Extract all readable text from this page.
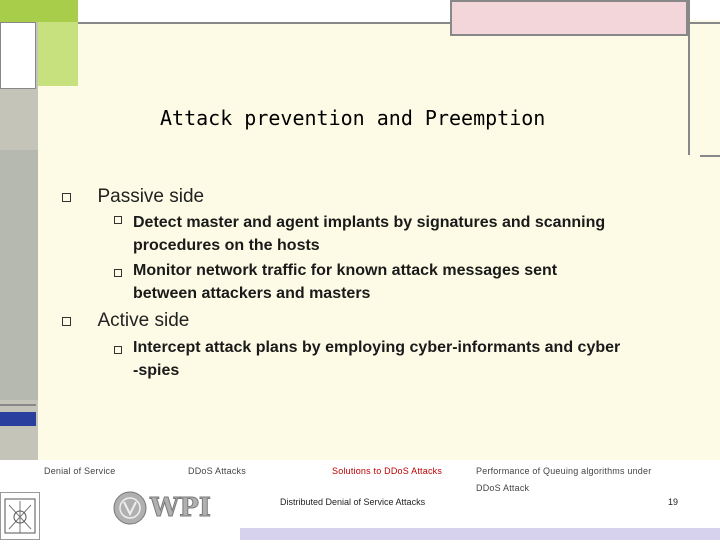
Attack prevention and Preemption
Passive side
Detect master and agent implants by signatures and scanning
procedures on the hosts
Monitor network traffic for known attack messages sent
between attackers and masters
Active side
Intercept attack plans by employing cyber-informants and cyber
-spies
Denial of Service	DDoS Attacks	Solutions to DDoS Attacks	Performance of Queuing algorithms under
DDoS Attack
WPI	Distributed Denial of Service Attacks	19
